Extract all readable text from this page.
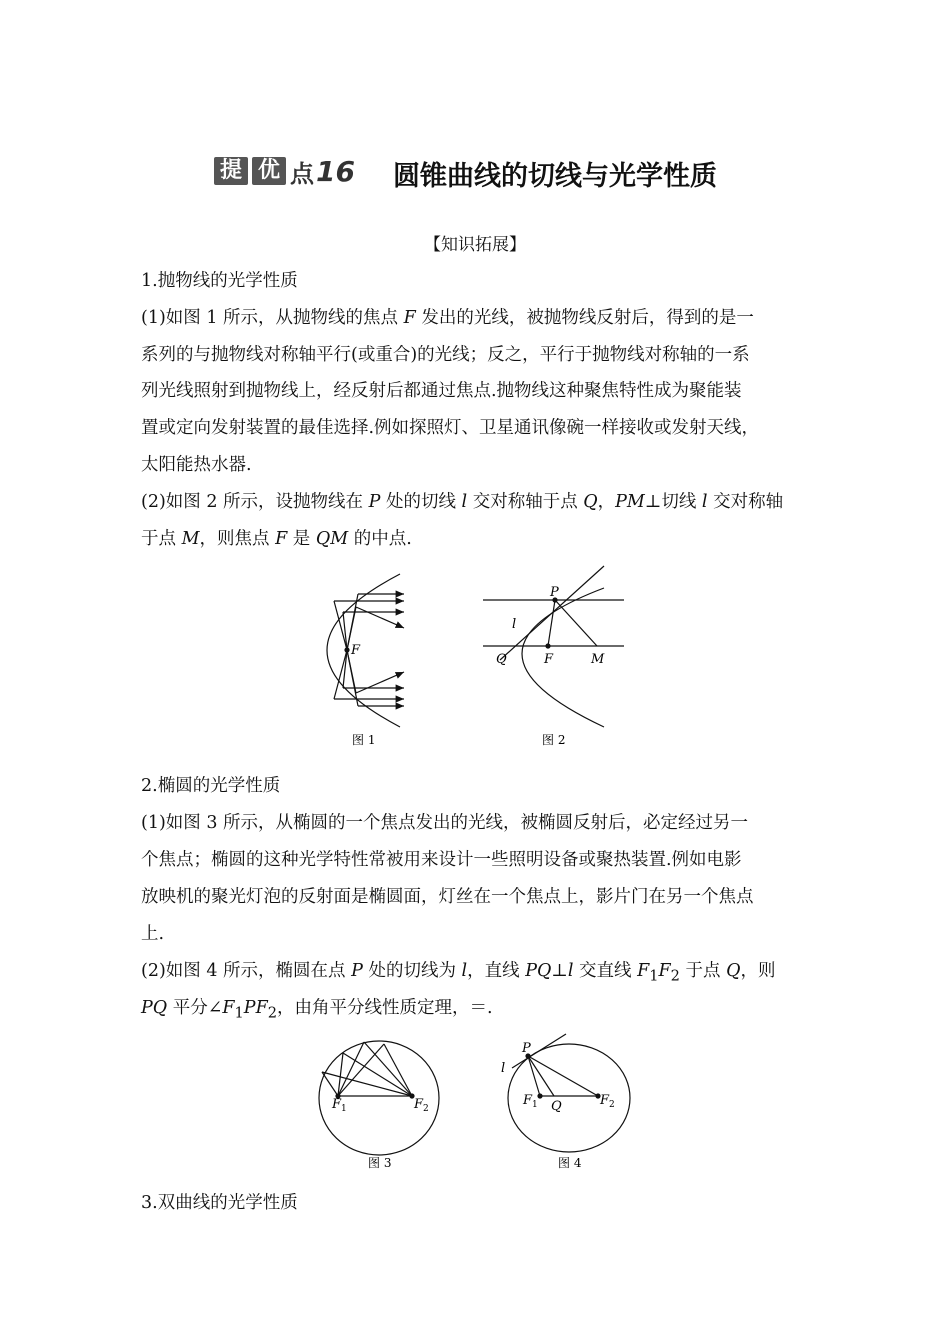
提 优 点 16 圆锥曲线的切线与光学性质
【知识拓展】
1.抛物线的光学性质
(1)如图 1 所示，从抛物线的焦点 F 发出的光线，被抛物线反射后，得到的是一
系列的与抛物线对称轴平行(或重合)的光线；反之，平行于抛物线对称轴的一系
列光线照射到抛物线上，经反射后都通过焦点.抛物线这种聚焦特性成为聚能装
置或定向发射装置的最佳选择.例如探照灯、卫星通讯像碗一样接收或发射天线，
太阳能热水器.
(2)如图 2 所示，设抛物线在 P 处的切线 l 交对称轴于点 Q，PM⊥切线 l 交对称轴
于点 M，则焦点 F 是 QM 的中点.
F
图 1
P
l
Q	F	M
图 2
2.椭圆的光学性质
(1)如图 3 所示，从椭圆的一个焦点发出的光线，被椭圆反射后，必定经过另一
个焦点；椭圆的这种光学特性常被用来设计一些照明设备或聚热装置.例如电影
放映机的聚光灯泡的反射面是椭圆面，灯丝在一个焦点上，影片门在另一个焦点
上.
(2)如图 4 所示，椭圆在点 P 处的切线为 l，直线 PQ⊥l 交直线 $F_1F_2$ 于点 Q，则
PQ 平分$\angle F_1PF_2$，由角平分线性质定理，＝.
$F_1$	$F_2$
图 3
P
l
$F_1$ Q	$F_2$
图 4
3.双曲线的光学性质
